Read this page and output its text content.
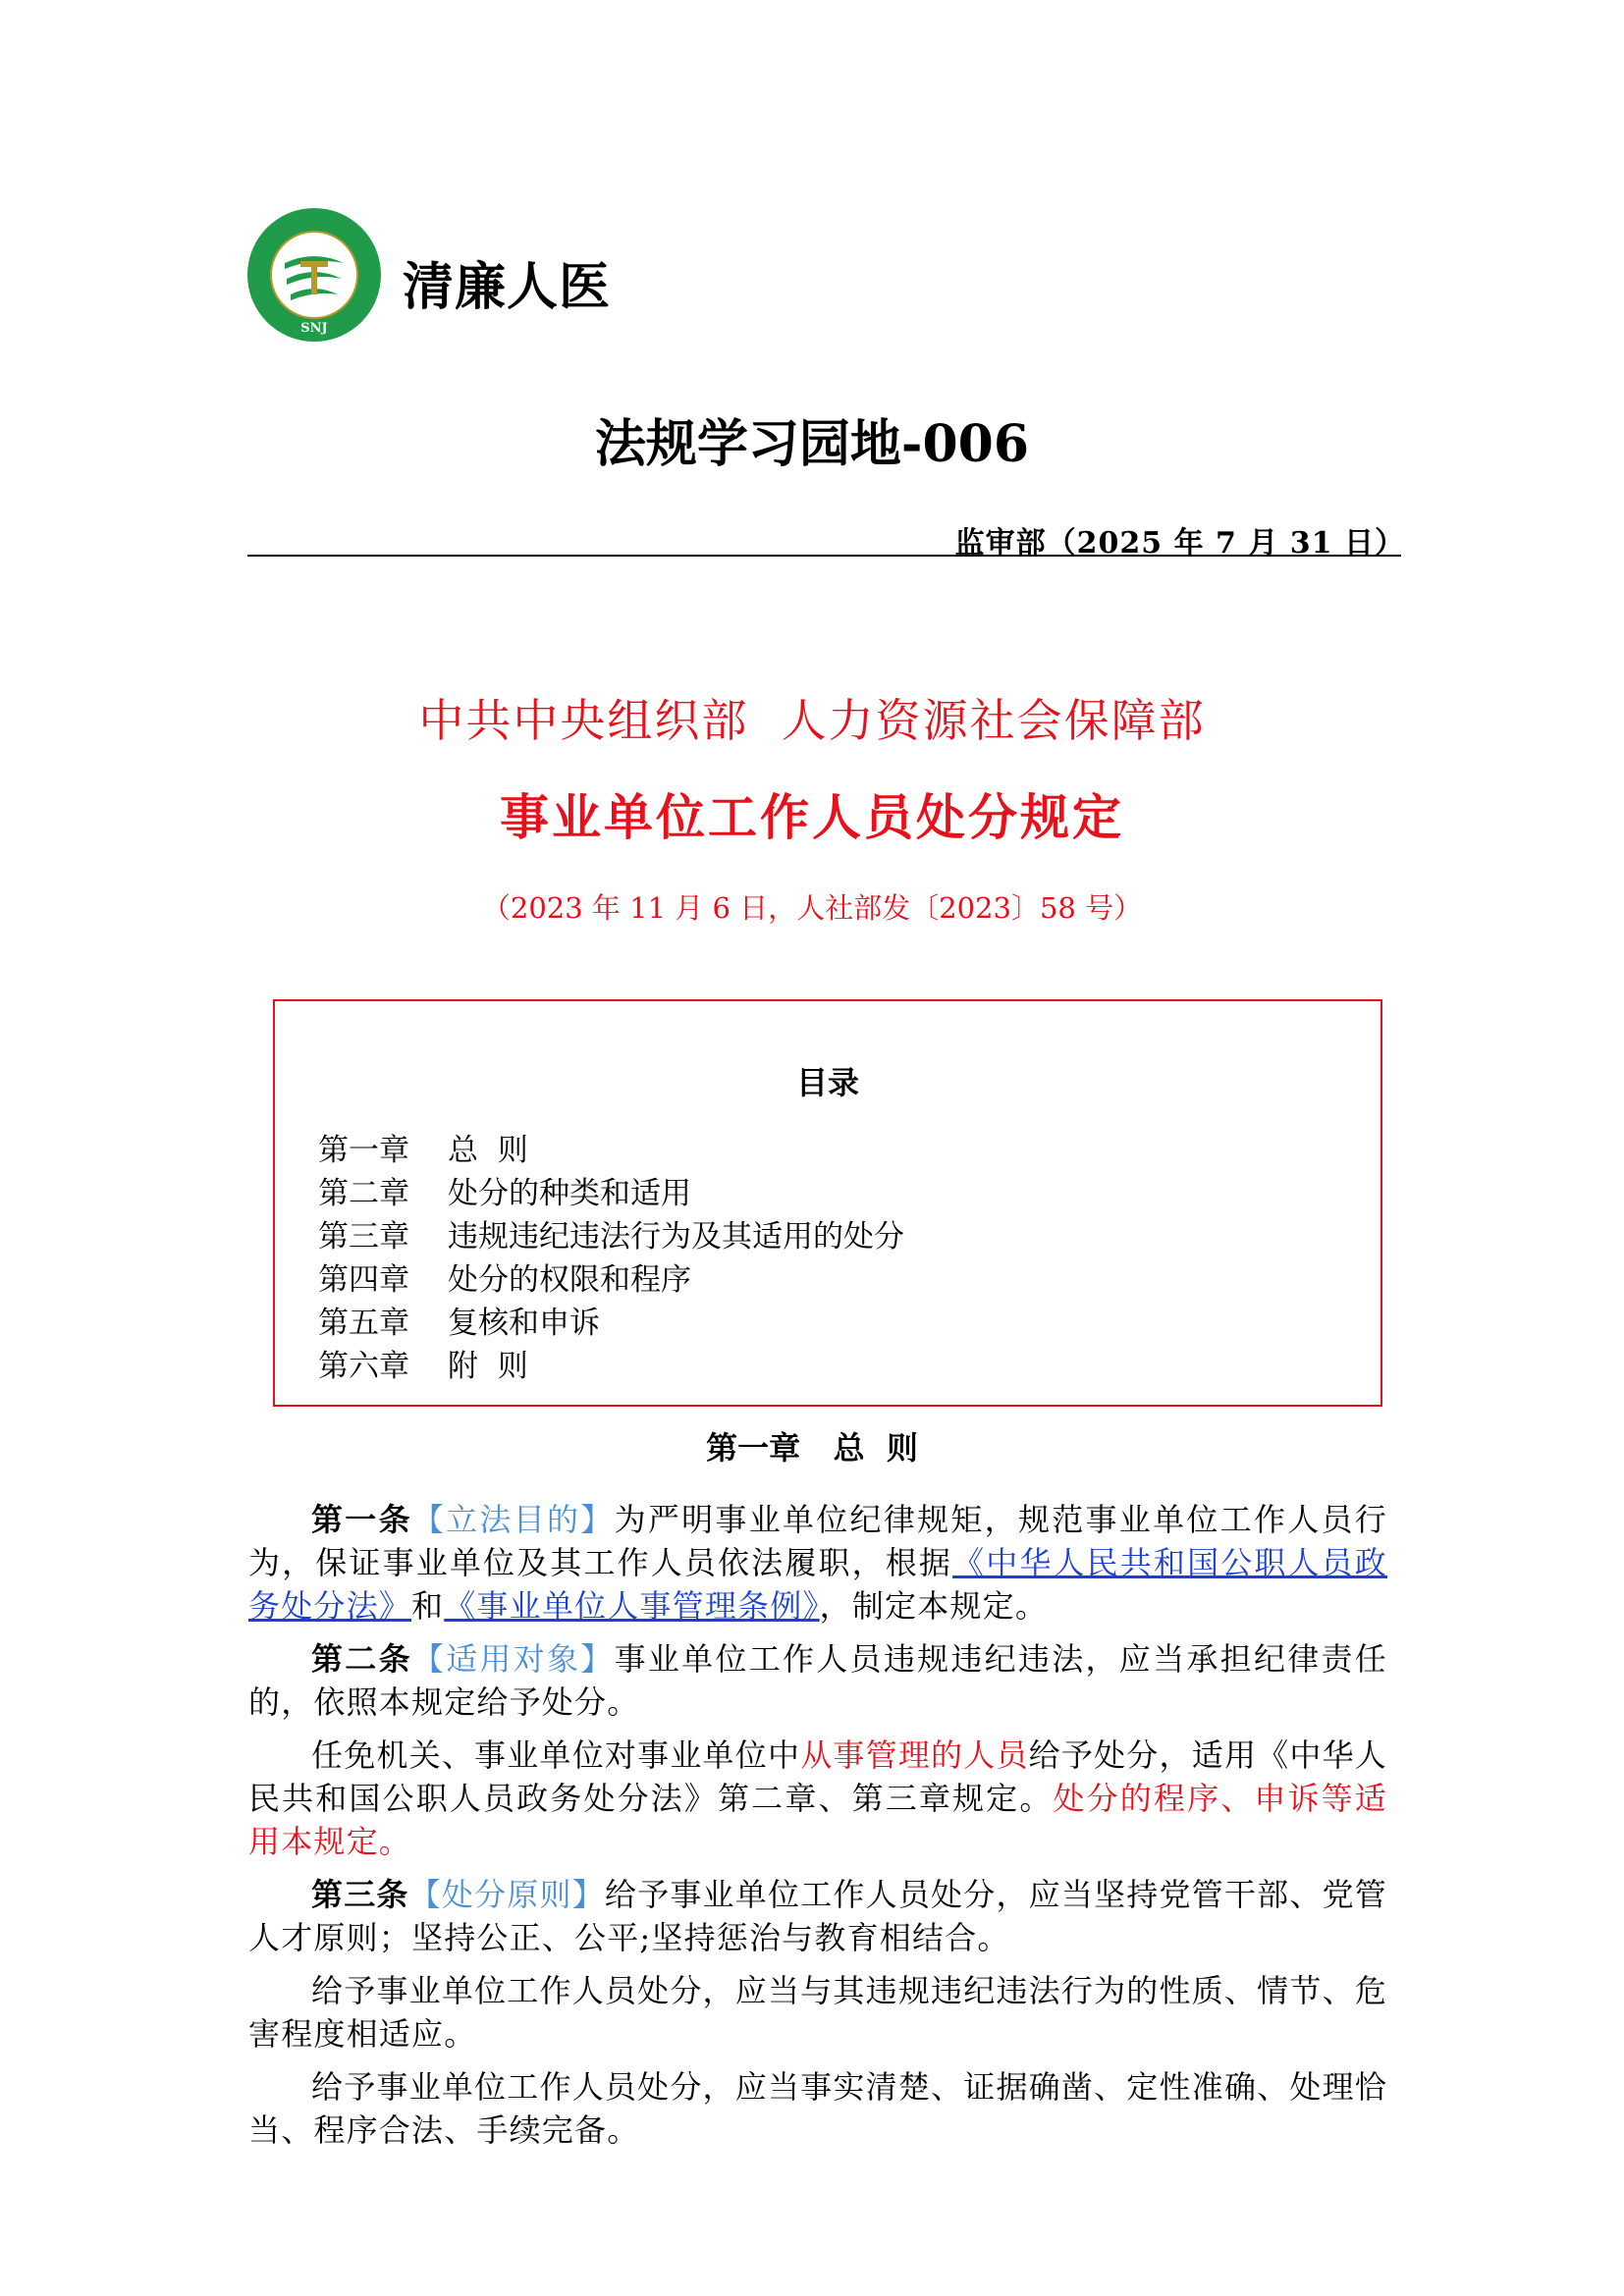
SNJ
清廉人医
法规学习园地-006
监审部（2025 年 7 月 31 日）
中共中央组织部  人力资源社会保障部
事业单位工作人员处分规定
（2023 年 11 月 6 日，人社部发〔2023〕58 号）
目录
第一章 总  则
第二章 处分的种类和适用
第三章 违规违纪违法行为及其适用的处分
第四章 处分的权限和程序
第五章 复核和申诉
第六章 附  则
第一章   总  则

第一条【立法目的】为严明事业单位纪律规矩，规范事业单位工作人员行为，保证事业单位及其工作人员依法履职，根据《中华人民共和国公职人员政务处分法》和《事业单位人事管理条例》，制定本规定。

第二条【适用对象】事业单位工作人员违规违纪违法，应当承担纪律责任的，依照本规定给予处分。

任免机关、事业单位对事业单位中从事管理的人员给予处分，适用《中华人民共和国公职人员政务处分法》第二章、第三章规定。处分的程序、申诉等适用本规定。

第三条【处分原则】给予事业单位工作人员处分，应当坚持党管干部、党管人才原则；坚持公正、公平;坚持惩治与教育相结合。

给予事业单位工作人员处分，应当与其违规违纪违法行为的性质、情节、危害程度相适应。

给予事业单位工作人员处分，应当事实清楚、证据确凿、定性准确、处理恰当、程序合法、手续完备。
